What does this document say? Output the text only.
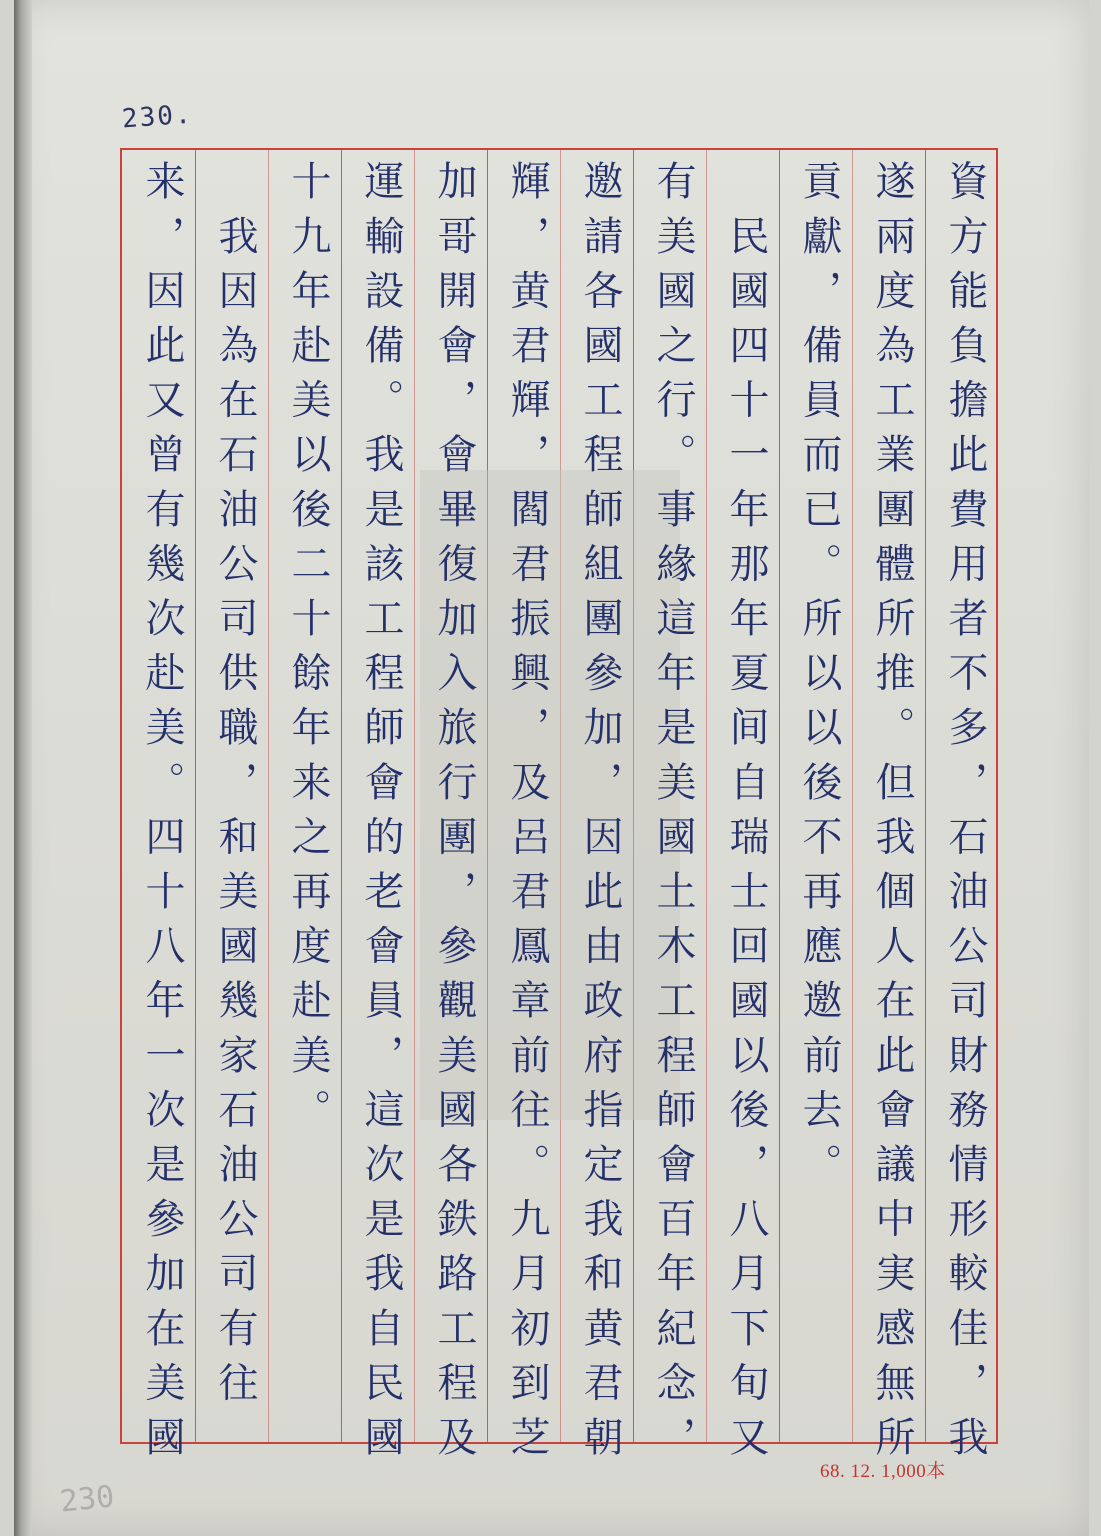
230.
230
資方能負擔此費用者不多，石油公司財務情形較佳，我
遂兩度為工業團體所推。但我個人在此會議中実感無所
貢獻，備員而已。所以以後不再應邀前去。
　民國四十一年那年夏间自瑞士回國以後，八月下旬又
有美國之行。事緣這年是美國土木工程師會百年紀念，
邀請各國工程師組團參加，因此由政府指定我和黄君朝
輝，黄君輝，閻君振興，及呂君鳳章前往。九月初到芝
加哥開會，會畢復加入旅行團，參觀美國各鉄路工程及
運輸設備。我是該工程師會的老會員，這次是我自民國
十九年赴美以後二十餘年来之再度赴美。
　我因為在石油公司供職，和美國幾家石油公司有往
来，因此又曾有幾次赴美。四十八年一次是參加在美國
68. 12. 1,000本
